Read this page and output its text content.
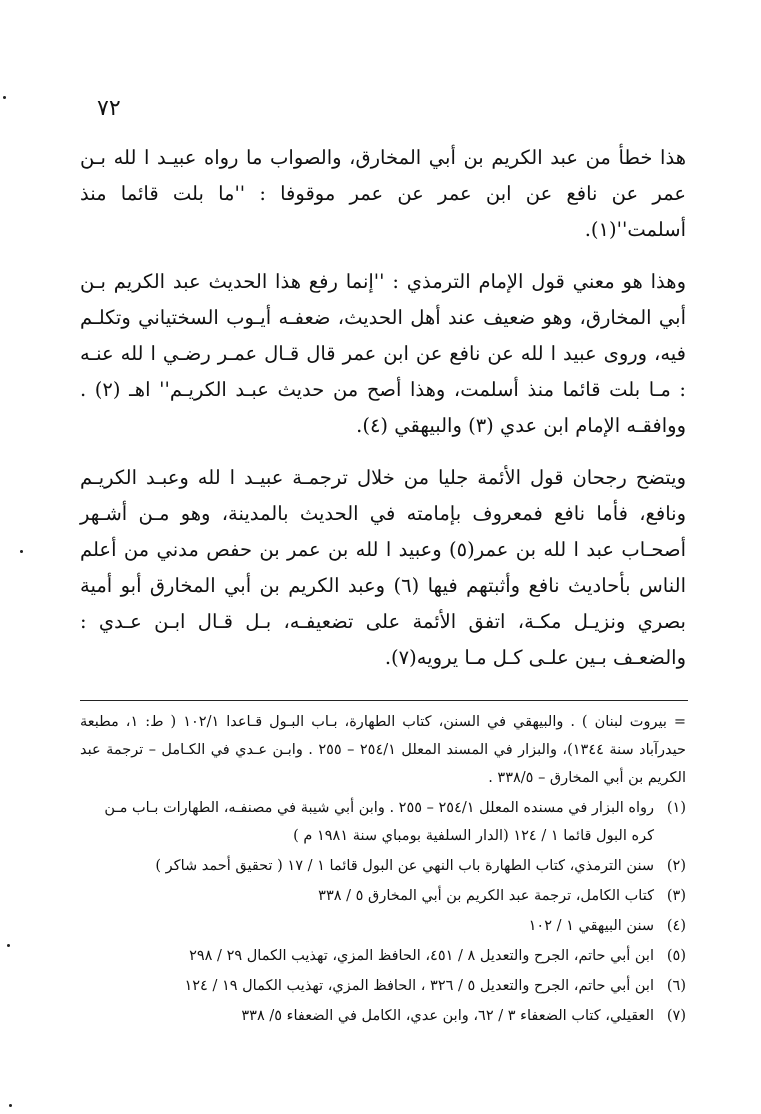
٧٢

هذا خطأ من عبد الكريم بن أبي المخارق، والصواب ما رواه عبيـد ا لله بـن عمر عن نافع عن ابن عمر عن عمر موقوفا : ''ما بلت قائما منذ أسلمت''(١).

وهذا هو معني قول الإمام الترمذي : ''إنما رفع هذا الحديث عبد الكريم بـن أبي المخارق، وهو ضعيف عند أهل الحديث، ضعفـه أيـوب السختياني وتكلـم فيه، وروى عبيد ا لله عن نافع عن ابن عمر قال قـال عمـر رضـي ا لله عنـه : مـا بلت قائما منذ أسلمت، وهذا أصح من حديث عبـد الكريـم'' اهـ (٢) . ووافقـه الإمام ابن عدي (٣) والبيهقي (٤).

ويتضح رجحان قول الأئمة جليا من خلال ترجمـة عبيـد ا لله وعبـد الكريـم ونافع، فأما نافع فمعروف بإمامته في الحديث بالمدينة، وهو مـن أشـهر أصحـاب عبد ا لله بن عمر(٥) وعبيد ا لله بن عمر بن حفص مدني من أعلم الناس بأحاديث نافع وأثبتهم فيها (٦) وعبد الكريم بن أبي المخارق أبو أمية بصري ونزيـل مكـة، اتفق الأئمة على تضعيفـه، بـل قـال ابـن عـدي : والضعـف بـين علـى كـل مـا يرويه(٧).

= بيروت لبنان ) . والبيهقي في السنن، كتاب الطهارة، بـاب البـول قـاعدا ١٠٢/١ ( ط: ١، مطبعة حيدرآباد سنة ١٣٤٤)، والبزار في المسند المعلل ٢٥٤/١ – ٢٥٥ . وابـن عـدي في الكـامل – ترجمة عبد الكريم بن أبي المخارق – ٣٣٨/٥ .

(١)
رواه البزار في مسنده المعلل ٢٥٤/١ – ٢٥٥ . وابن أبي شيبة في مصنفـه، الطهارات بـاب مـن كره البول قائما ١ / ١٢٤ (الدار السلفية بومباي سنة ١٩٨١ م )
(٢)
سنن الترمذي، كتاب الطهارة باب النهي عن البول قائما ١ / ١٧ ( تحقيق أحمد شاكر )
(٣)
كتاب الكامل، ترجمة عبد الكريم بن أبي المخارق ٥ / ٣٣٨
(٤)
سنن البيهقي ١ / ١٠٢
(٥)
ابن أبي حاتم، الجرح والتعديل ٨ / ٤٥١، الحافظ المزي، تهذيب الكمال ٢٩ / ٢٩٨
(٦)
ابن أبي حاتم، الجرح والتعديل ٥ / ٣٢٦ ، الحافظ المزي، تهذيب الكمال ١٩ / ١٢٤
(٧)
العقيلي، كتاب الضعفاء ٣ / ٦٢، وابن عدي، الكامل في الضعفاء ٥/ ٣٣٨
